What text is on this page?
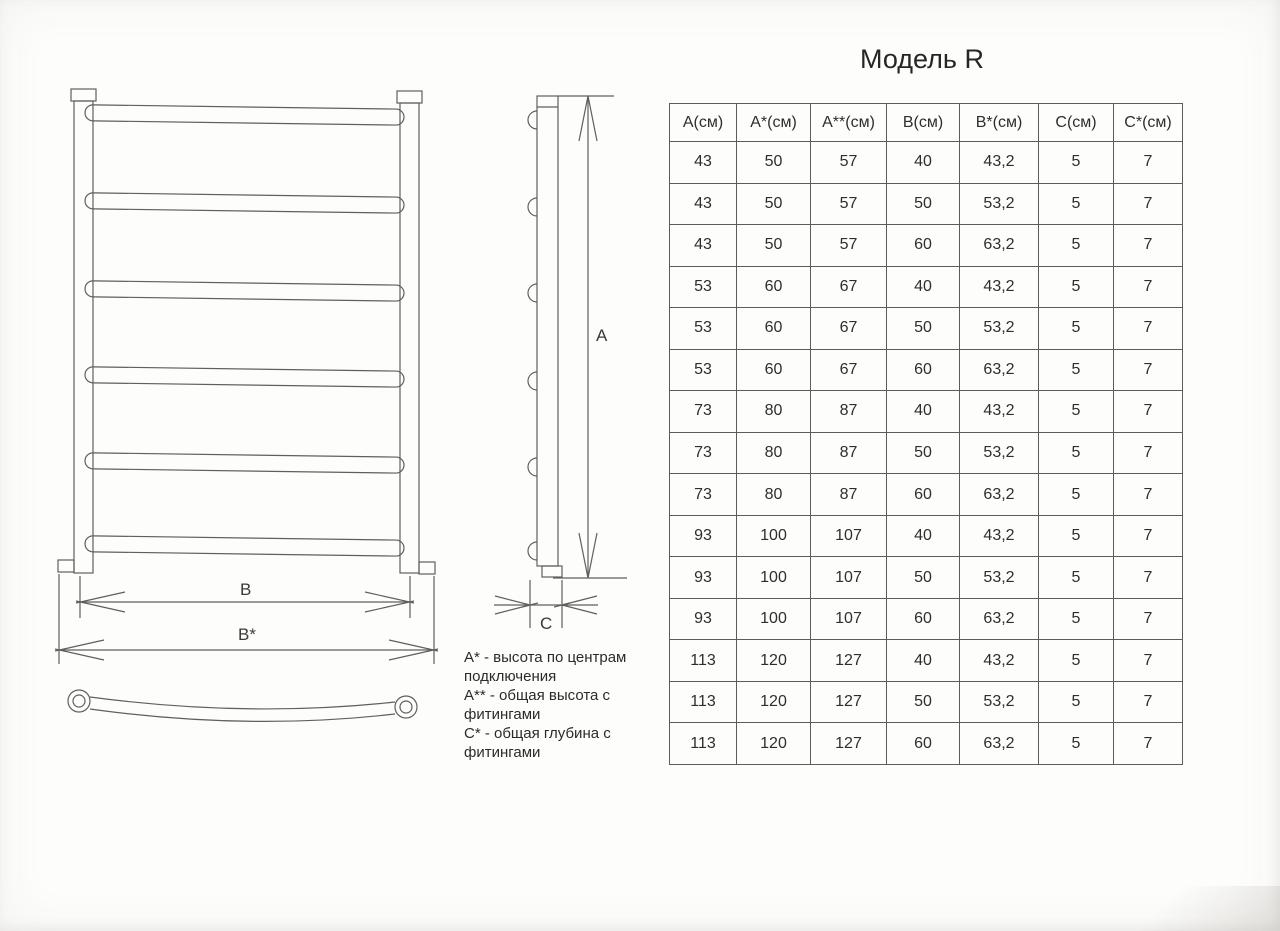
B
B*
A
C
А* - высота по центрам подключения
А** - общая высота с фитингами
С* - общая глубина с фитингами
Модель R
А(см)	А*(см)	А**(см)	В(см)	В*(см)	С(см)	С*(см)
43	50	57	40	43,2	5	7
43	50	57	50	53,2	5	7
43	50	57	60	63,2	5	7
53	60	67	40	43,2	5	7
53	60	67	50	53,2	5	7
53	60	67	60	63,2	5	7
73	80	87	40	43,2	5	7
73	80	87	50	53,2	5	7
73	80	87	60	63,2	5	7
93	100	107	40	43,2	5	7
93	100	107	50	53,2	5	7
93	100	107	60	63,2	5	7
113	120	127	40	43,2	5	7
113	120	127	50	53,2	5	7
113	120	127	60	63,2	5	7
